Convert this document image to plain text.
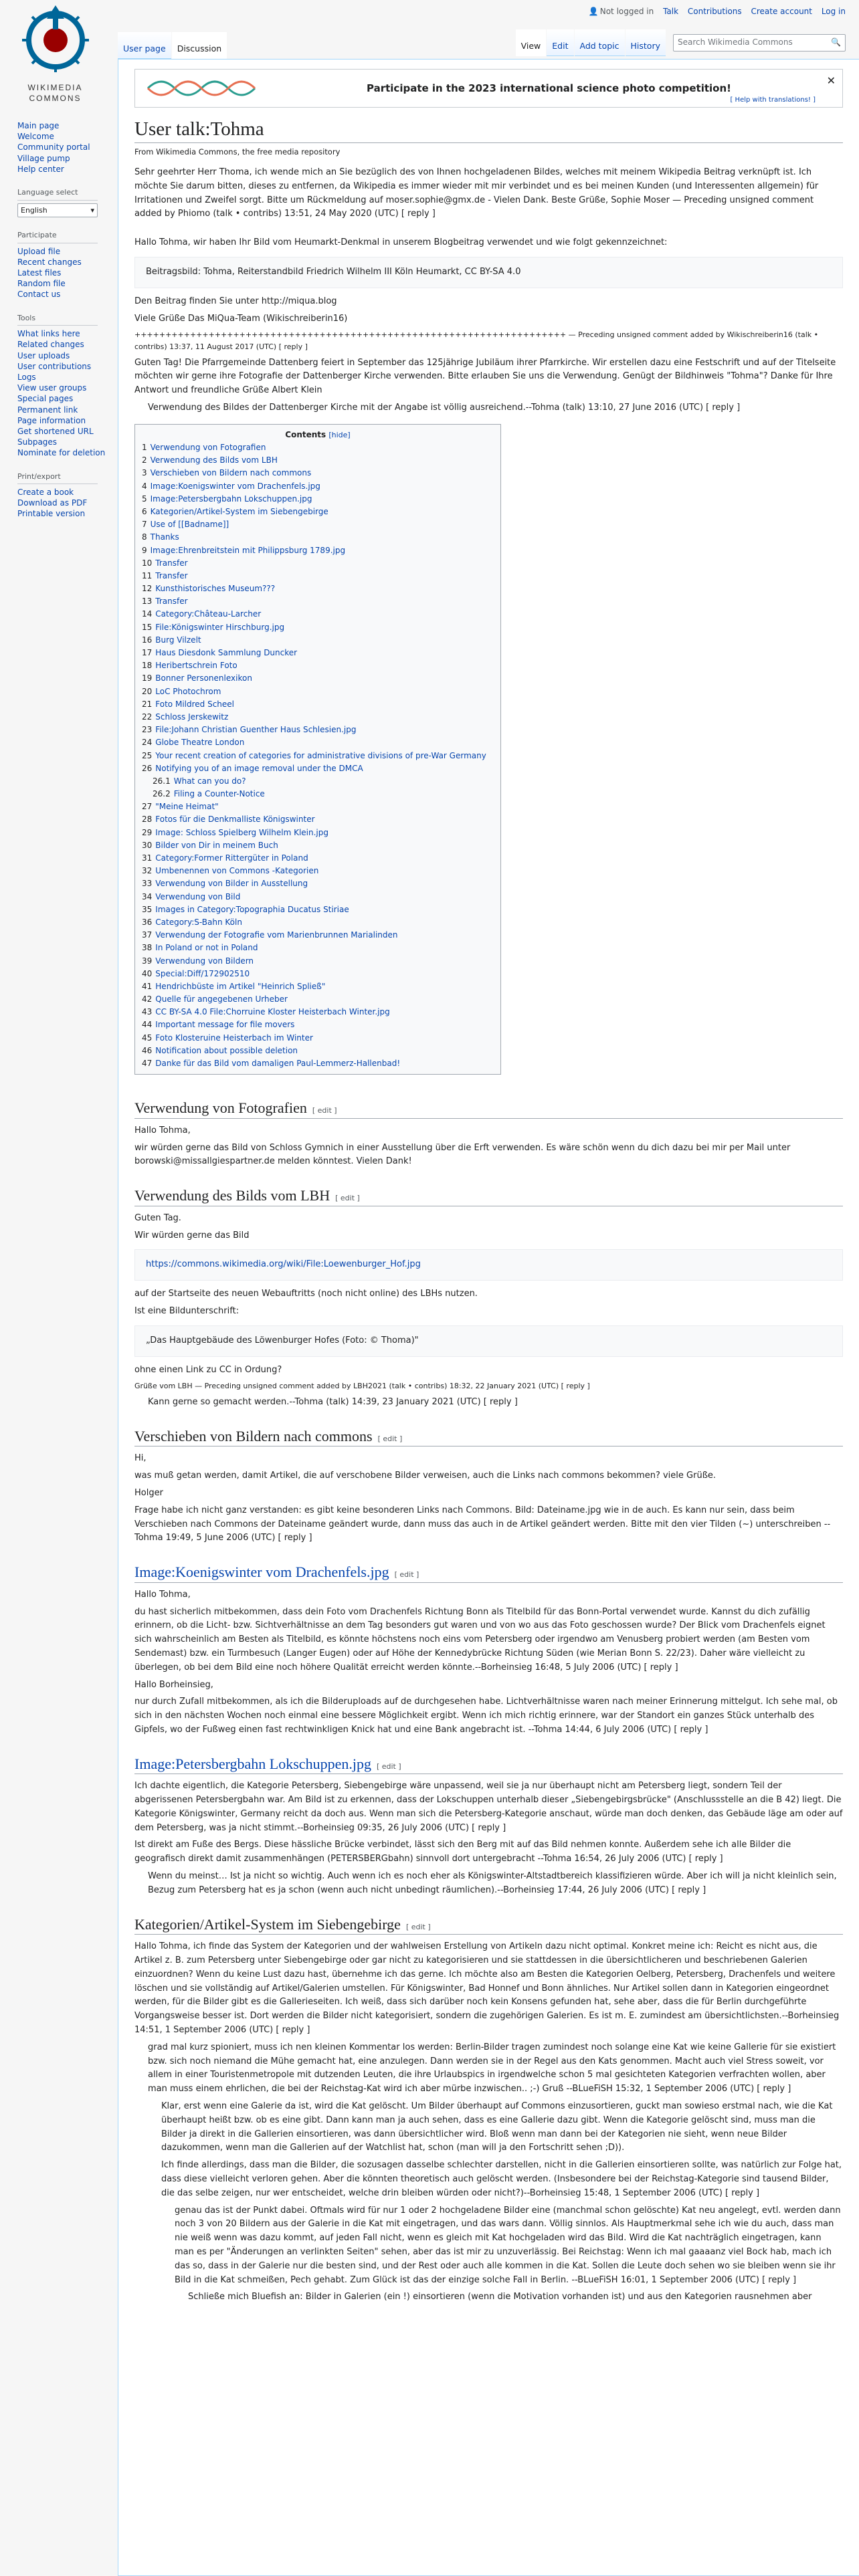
WIKIMEDIA
COMMONS
👤 Not logged in Talk Contributions Create account Log in
User page	Discussion	View	Edit	Add topic	History	Search Wikimedia Commons	🔍
Main page
Welcome
Community portal
Village pump
Help center
Language select
English	▾
Participate
Upload file
Recent changes
Latest files
Random file
Contact us
Tools
What links here
Related changes
User uploads
User contributions
Logs
View user groups
Special pages
Permanent link
Page information
Get shortened URL
Subpages
Nominate for deletion
Print/export
Create a book
Download as PDF
Printable version
Participate in the 2023 international science photo competition!
[ Help with translations! ]
✕
User talk:Tohma
From Wikimedia Commons, the free media repository

Sehr geehrter Herr Thoma, ich wende mich an Sie bezüglich des von Ihnen hochgeladenen Bildes, welches mit meinem Wikipedia Beitrag verknüpft ist. Ich möchte Sie darum bitten, dieses zu entfernen, da Wikipedia es immer wieder mit mir verbindet und es bei meinen Kunden (und Interessenten allgemein) für Irritationen und Zweifel sorgt. Bitte um Rückmeldung auf moser.sophie@gmx.de - Vielen Dank. Beste Grüße, Sophie Moser — Preceding unsigned comment added by Phiomo (talk • contribs) 13:51, 24 May 2020 (UTC) [ reply ]

Hallo Tohma, wir haben Ihr Bild vom Heumarkt-Denkmal in unserem Blogbeitrag verwendet und wie folgt gekennzeichnet:

Beitragsbild: Tohma, Reiterstandbild Friedrich Wilhelm III Köln Heumarkt, CC BY-SA 4.0

Den Beitrag finden Sie unter http://miqua.blog

Viele Grüße Das MiQua-Team (Wikischreiberin16)

++++++++++++++++++++++++++++++++++++++++++++++++++++++++++++++++++++++ — Preceding unsigned comment added by Wikischreiberin16 (talk • contribs) 13:37, 11 August 2017 (UTC) [ reply ]

Guten Tag! Die Pfarrgemeinde Dattenberg feiert in September das 125jährige Jubiläum ihrer Pfarrkirche. Wir erstellen dazu eine Festschrift und auf der Titelseite möchten wir gerne ihre Fotografie der Dattenberger Kirche verwenden. Bitte erlauben Sie uns die Verwendung. Genügt der Bildhinweis "Tohma"? Danke für Ihre Antwort und freundliche Grüße Albert Klein

Verwendung des Bildes der Dattenberger Kirche mit der Angabe ist völlig ausreichend.--Tohma (talk) 13:10, 27 June 2016 (UTC) [ reply ]

Contents [hide]
1 Verwendung von Fotografien
2 Verwendung des Bilds vom LBH
3 Verschieben von Bildern nach commons
4 Image:Koenigswinter vom Drachenfels.jpg
5 Image:Petersbergbahn Lokschuppen.jpg
6 Kategorien/Artikel-System im Siebengebirge
7 Use of [[Badname]]
8 Thanks
9 Image:Ehrenbreitstein mit Philippsburg 1789.jpg
10 Transfer
11 Transfer
12 Kunsthistorisches Museum???
13 Transfer
14 Category:Château-Larcher
15 File:Königswinter Hirschburg.jpg
16 Burg Vilzelt
17 Haus Diesdonk Sammlung Duncker
18 Heribertschrein Foto
19 Bonner Personenlexikon
20 LoC Photochrom
21 Foto Mildred Scheel
22 Schloss Jerskewitz
23 File:Johann Christian Guenther Haus Schlesien.jpg
24 Globe Theatre London
25 Your recent creation of categories for administrative divisions of pre-War Germany
26 Notifying you of an image removal under the DMCA
26.1 What can you do?
26.2 Filing a Counter-Notice
27 "Meine Heimat"
28 Fotos für die Denkmalliste Königswinter
29 Image: Schloss Spielberg Wilhelm Klein.jpg
30 Bilder von Dir in meinem Buch
31 Category:Former Rittergüter in Poland
32 Umbenennen von Commons -Kategorien
33 Verwendung von Bilder in Ausstellung
34 Verwendung von Bild
35 Images in Category:Topographia Ducatus Stiriae
36 Category:S-Bahn Köln
37 Verwendung der Fotografie vom Marienbrunnen Marialinden
38 In Poland or not in Poland
39 Verwendung von Bildern
40 Special:Diff/172902510
41 Hendrichbüste im Artikel "Heinrich Spließ"
42 Quelle für angegebenen Urheber
43 CC BY-SA 4.0 File:Chorruine Kloster Heisterbach Winter.jpg
44 Important message for file movers
45 Foto Klosteruine Heisterbach im Winter
46 Notification about possible deletion
47 Danke für das Bild vom damaligen Paul-Lemmerz-Hallenbad!
Verwendung von Fotografien [ edit ]

Hallo Tohma,

wir würden gerne das Bild von Schloss Gymnich in einer Ausstellung über die Erft verwenden. Es wäre schön wenn du dich dazu bei mir per Mail unter borowski@missallgiespartner.de melden könntest. Vielen Dank!

Verwendung des Bilds vom LBH [ edit ]

Guten Tag.

Wir würden gerne das Bild

https://commons.wikimedia.org/wiki/File:Loewenburger_Hof.jpg

auf der Startseite des neuen Webauftritts (noch nicht online) des LBHs nutzen.

Ist eine Bildunterschrift:

„Das Hauptgebäude des Löwenburger Hofes (Foto: © Thoma)"

ohne einen Link zu CC in Ordung?

Grüße vom LBH — Preceding unsigned comment added by LBH2021 (talk • contribs) 18:32, 22 January 2021 (UTC) [ reply ]

Kann gerne so gemacht werden.--Tohma (talk) 14:39, 23 January 2021 (UTC) [ reply ]

Verschieben von Bildern nach commons [ edit ]

Hi,

was muß getan werden, damit Artikel, die auf verschobene Bilder verweisen, auch die Links nach commons bekommen? viele Grüße.

Holger

Frage habe ich nicht ganz verstanden: es gibt keine besonderen Links nach Commons. Bild: Dateiname.jpg wie in de auch. Es kann nur sein, dass beim Verschieben nach Commons der Dateiname geändert wurde, dann muss das auch in de Artikel geändert werden. Bitte mit den vier Tilden (~) unterschreiben --Tohma 19:49, 5 June 2006 (UTC) [ reply ]

Image:Koenigswinter vom Drachenfels.jpg [ edit ]

Hallo Tohma,

du hast sicherlich mitbekommen, dass dein Foto vom Drachenfels Richtung Bonn als Titelbild für das Bonn-Portal verwendet wurde. Kannst du dich zufällig erinnern, ob die Licht- bzw. Sichtverhältnisse an dem Tag besonders gut waren und von wo aus das Foto geschossen wurde? Der Blick vom Drachenfels eignet sich wahrscheinlich am Besten als Titelbild, es könnte höchstens noch eins vom Petersberg oder irgendwo am Venusberg probiert werden (am Besten vom Sendemast) bzw. ein Turmbesuch (Langer Eugen) oder auf Höhe der Kennedybrücke Richtung Süden (wie Merian Bonn S. 22/23). Daher wäre vielleicht zu überlegen, ob bei dem Bild eine noch höhere Qualität erreicht werden könnte.--Borheinsieg 16:48, 5 July 2006 (UTC) [ reply ]

Hallo Borheinsieg,

nur durch Zufall mitbekommen, als ich die Bilderuploads auf de durchgesehen habe. Lichtverhältnisse waren nach meiner Erinnerung mittelgut. Ich sehe mal, ob sich in den nächsten Wochen noch einmal eine bessere Möglichkeit ergibt. Wenn ich mich richtig erinnere, war der Standort ein ganzes Stück unterhalb des Gipfels, wo der Fußweg einen fast rechtwinkligen Knick hat und eine Bank angebracht ist. --Tohma 14:44, 6 July 2006 (UTC) [ reply ]

Image:Petersbergbahn Lokschuppen.jpg [ edit ]

Ich dachte eigentlich, die Kategorie Petersberg, Siebengebirge wäre unpassend, weil sie ja nur überhaupt nicht am Petersberg liegt, sondern Teil der abgerissenen Petersbergbahn war. Am Bild ist zu erkennen, dass der Lokschuppen unterhalb dieser „Siebengebirgsbrücke" (Anschlussstelle an die B 42) liegt. Die Kategorie Königswinter, Germany reicht da doch aus. Wenn man sich die Petersberg-Kategorie anschaut, würde man doch denken, das Gebäude läge am oder auf dem Petersberg, was ja nicht stimmt.--Borheinsieg 09:35, 26 July 2006 (UTC) [ reply ]

Ist direkt am Fuße des Bergs. Diese hässliche Brücke verbindet, lässt sich den Berg mit auf das Bild nehmen konnte. Außerdem sehe ich alle Bilder die geografisch direkt damit zusammenhängen (PETERSBERGbahn) sinnvoll dort untergebracht --Tohma 16:54, 26 July 2006 (UTC) [ reply ]

Wenn du meinst… Ist ja nicht so wichtig. Auch wenn ich es noch eher als Königswinter-Altstadtbereich klassifizieren würde. Aber ich will ja nicht kleinlich sein, Bezug zum Petersberg hat es ja schon (wenn auch nicht unbedingt räumlichen).--Borheinsieg 17:44, 26 July 2006 (UTC) [ reply ]

Kategorien/Artikel-System im Siebengebirge [ edit ]

Hallo Tohma, ich finde das System der Kategorien und der wahlweisen Erstellung von Artikeln dazu nicht optimal. Konkret meine ich: Reicht es nicht aus, die Artikel z. B. zum Petersberg unter Siebengebirge oder gar nicht zu kategorisieren und sie stattdessen in die übersichtlicheren und beschriebenen Galerien einzuordnen? Wenn du keine Lust dazu hast, übernehme ich das gerne. Ich möchte also am Besten die Kategorien Oelberg, Petersberg, Drachenfels und weitere löschen und sie vollständig auf Artikel/Galerien umstellen. Für Königswinter, Bad Honnef und Bonn ähnliches. Nur Artikel sollen dann in Kategorien eingeordnet werden, für die Bilder gibt es die Gallerieseiten. Ich weiß, dass sich darüber noch kein Konsens gefunden hat, sehe aber, dass die für Berlin durchgeführte Vorgangsweise besser ist. Dort werden die Bilder nicht kategorisiert, sondern die zugehörigen Galerien. Es ist m. E. zumindest am übersichtlichsten.--Borheinsieg 14:51, 1 September 2006 (UTC) [ reply ]

grad mal kurz spioniert, muss ich nen kleinen Kommentar los werden: Berlin-Bilder tragen zumindest noch solange eine Kat wie keine Gallerie für sie existiert bzw. sich noch niemand die Mühe gemacht hat, eine anzulegen. Dann werden sie in der Regel aus den Kats genommen. Macht auch viel Stress soweit, vor allem in einer Touristenmetropole mit dutzenden Leuten, die ihre Urlaubspics in irgendwelche schon 5 mal gesichteten Kategorien verfrachten wollen, aber man muss einem ehrlichen, die bei der Reichstag-Kat wird ich aber mürbe inzwischen.. ;-) Gruß --BLueFiSH 15:32, 1 September 2006 (UTC) [ reply ]

Klar, erst wenn eine Galerie da ist, wird die Kat gelöscht. Um Bilder überhaupt auf Commons einzusortieren, guckt man sowieso erstmal nach, wie die Kat überhaupt heißt bzw. ob es eine gibt. Dann kann man ja auch sehen, dass es eine Gallerie dazu gibt. Wenn die Kategorie gelöscht sind, muss man die Bilder ja direkt in die Gallerien einsortieren, was dann übersichtlicher wird. Bloß wenn man dann bei der Kategorien nie sieht, wenn neue Bilder dazukommen, wenn man die Gallerien auf der Watchlist hat, schon (man will ja den Fortschritt sehen ;D)).

Ich finde allerdings, dass man die Bilder, die sozusagen dasselbe schlechter darstellen, nicht in die Gallerien einsortieren sollte, was natürlich zur Folge hat, dass diese vielleicht verloren gehen. Aber die könnten theoretisch auch gelöscht werden. (Insbesondere bei der Reichstag-Kategorie sind tausend Bilder, die das selbe zeigen, nur wer entscheidet, welche drin bleiben würden oder nicht?)--Borheinsieg 15:48, 1 September 2006 (UTC) [ reply ]

genau das ist der Punkt dabei. Oftmals wird für nur 1 oder 2 hochgeladene Bilder eine (manchmal schon gelöschte) Kat neu angelegt, evtl. werden dann noch 3 von 20 Bildern aus der Galerie in die Kat mit eingetragen, und das wars dann. Völlig sinnlos. Als Hauptmerkmal sehe ich wie du auch, dass man nie weiß wenn was dazu kommt, auf jeden Fall nicht, wenn es gleich mit Kat hochgeladen wird das Bild. Wird die Kat nachträglich eingetragen, kann man es per "Änderungen an verlinkten Seiten" sehen, aber das ist mir zu unzuverlässig. Bei Reichstag: Wenn ich mal gaaaanz viel Bock hab, mach ich das so, dass in der Galerie nur die besten sind, und der Rest oder auch alle kommen in die Kat. Sollen die Leute doch sehen wo sie bleiben wenn sie ihr Bild in die Kat schmeißen, Pech gehabt. Zum Glück ist das der einzige solche Fall in Berlin. --BLueFiSH 16:01, 1 September 2006 (UTC) [ reply ]

Schließe mich Bluefish an: Bilder in Galerien (ein !) einsortieren (wenn die Motivation vorhanden ist) und aus den Kategorien rausnehmen aber
